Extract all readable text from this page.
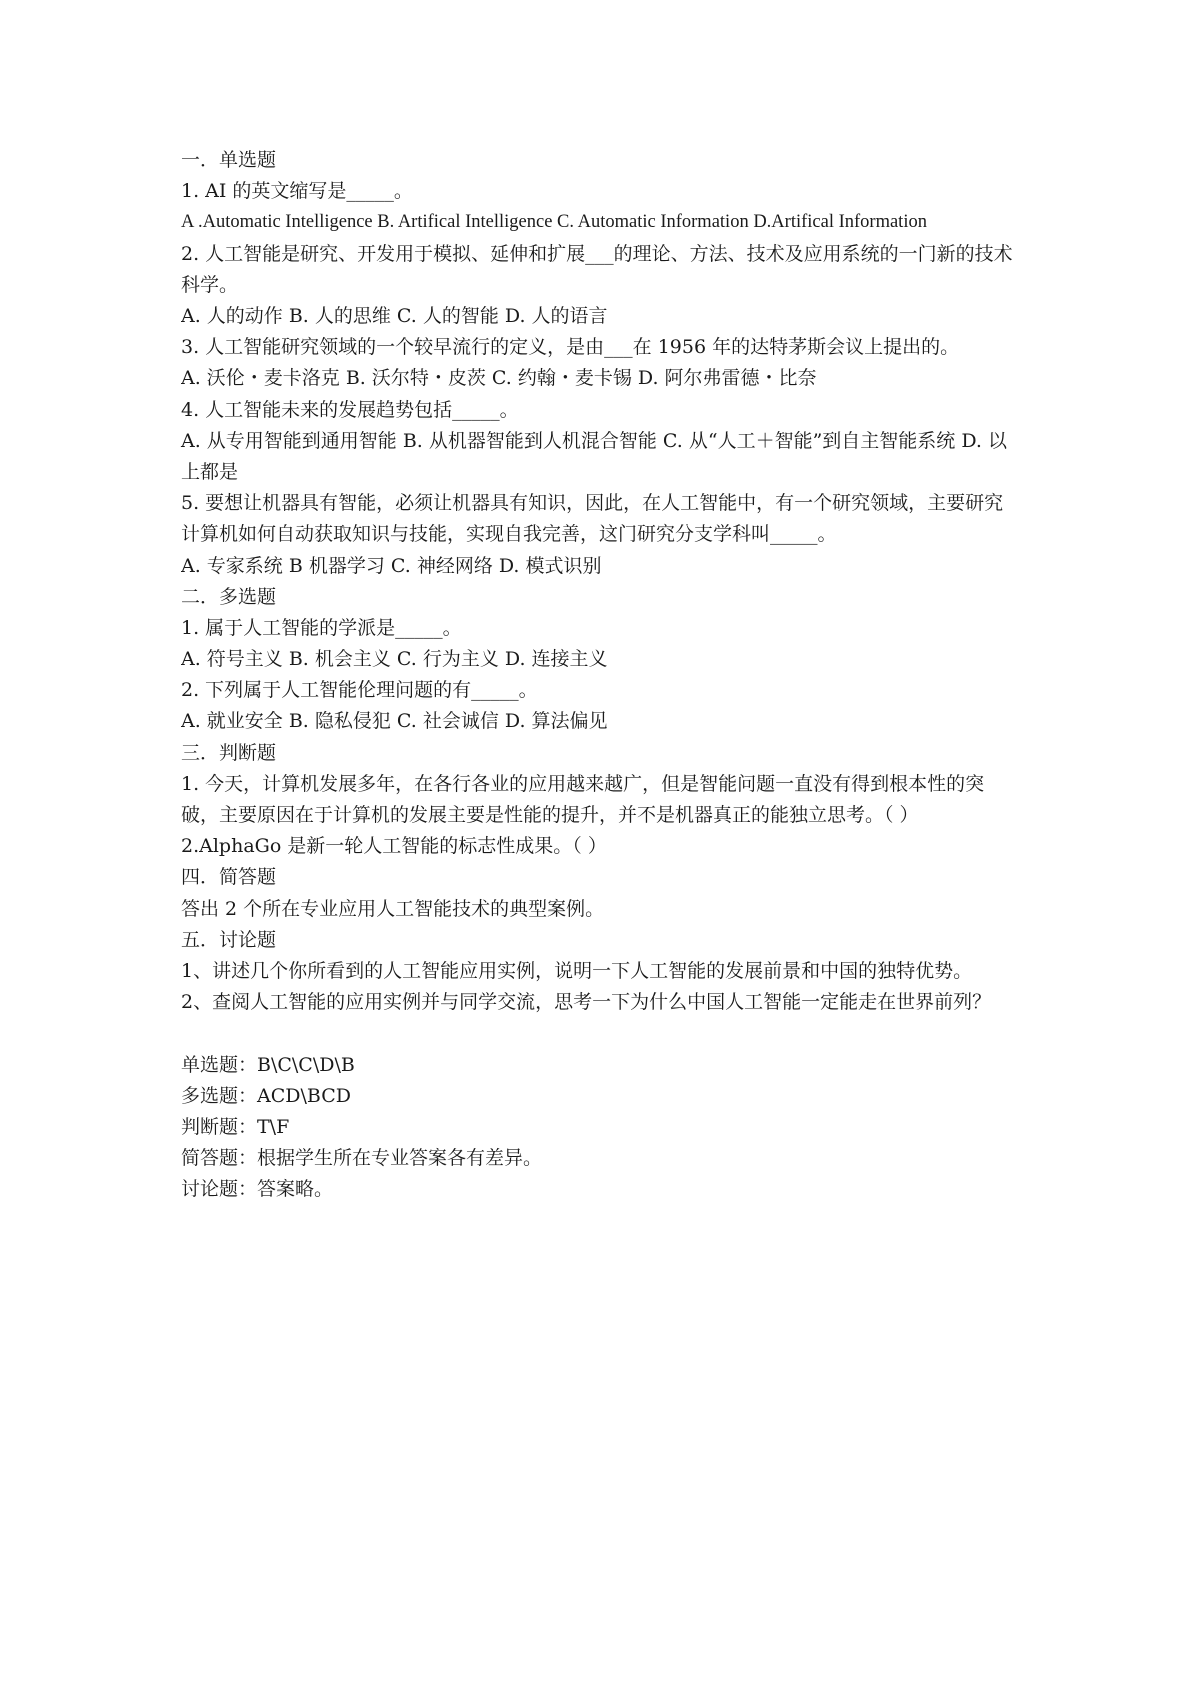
一．单选题
1. AI 的英文缩写是_____。
A .Automatic Intelligence B. Artifical Intelligence C. Automatic Information D.Artifical Information
2. 人工智能是研究、开发用于模拟、延伸和扩展___的理论、方法、技术及应用系统的一门新的技术科学。
A. 人的动作 B. 人的思维 C. 人的智能 D. 人的语言
3. 人工智能研究领域的一个较早流行的定义，是由___在 1956 年的达特茅斯会议上提出的。
A. 沃伦・麦卡洛克 B. 沃尔特・皮茨 C. 约翰・麦卡锡 D. 阿尔弗雷德・比奈
4. 人工智能未来的发展趋势包括_____。
A. 从专用智能到通用智能 B. 从机器智能到人机混合智能 C. 从“人工＋智能”到自主智能系统 D. 以上都是
5. 要想让机器具有智能，必须让机器具有知识，因此，在人工智能中，有一个研究领域，主要研究计算机如何自动获取知识与技能，实现自我完善，这门研究分支学科叫_____。
A. 专家系统 B 机器学习 C. 神经网络 D. 模式识别
二．多选题
1. 属于人工智能的学派是_____。
A. 符号主义 B. 机会主义 C. 行为主义 D. 连接主义
2. 下列属于人工智能伦理问题的有_____。
A. 就业安全 B. 隐私侵犯 C. 社会诚信 D. 算法偏见
三．判断题
1. 今天，计算机发展多年，在各行各业的应用越来越广，但是智能问题一直没有得到根本性的突破，主要原因在于计算机的发展主要是性能的提升，并不是机器真正的能独立思考。（ ）
2.AlphaGo 是新一轮人工智能的标志性成果。（ ）
四．简答题
答出 2 个所在专业应用人工智能技术的典型案例。
五．讨论题
1、讲述几个你所看到的人工智能应用实例，说明一下人工智能的发展前景和中国的独特优势。
2、查阅人工智能的应用实例并与同学交流，思考一下为什么中国人工智能一定能走在世界前列？
单选题：B\C\C\D\B
多选题：ACD\BCD
判断题：T\F
简答题：根据学生所在专业答案各有差异。
讨论题：答案略。
